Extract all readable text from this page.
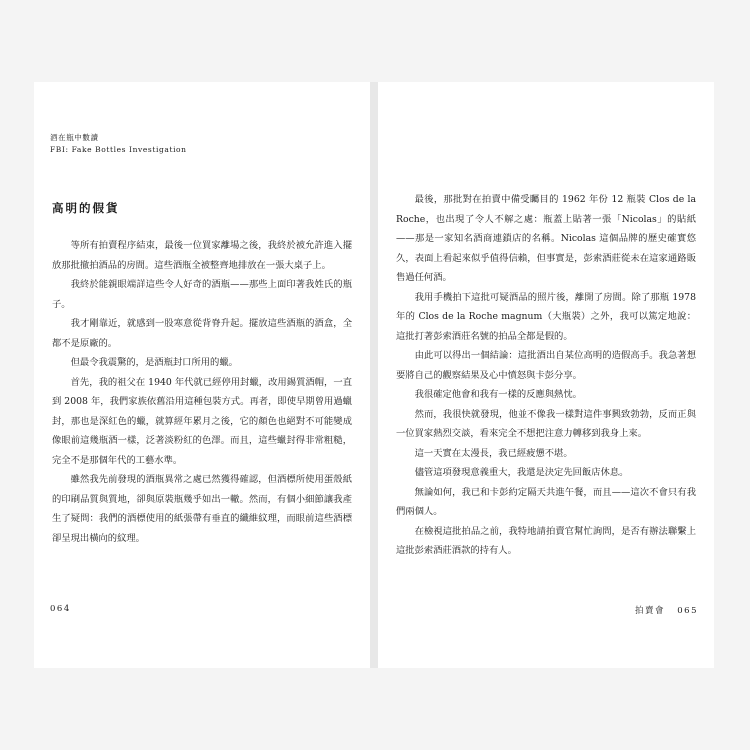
酒在瓶中數讀
FBI: Fake Bottles Investigation
高明的假貨

等所有拍賣程序結束，最後一位買家離場之後，我終於被允許進入擺放那批撤拍酒品的房間。這些酒瓶全被整齊地排放在一張大桌子上。

我終於能親眼端詳這些令人好奇的酒瓶——那些上面印著我姓氏的瓶子。

我才剛靠近，就感到一股寒意從背脊升起。擺放這些酒瓶的酒盒，全都不是原廠的。

但最令我震驚的，是酒瓶封口所用的蠟。

首先，我的祖父在 1940 年代就已經停用封蠟，改用錫質酒帽，一直到 2008 年，我們家族依舊沿用這種包裝方式。再者，即使早期曾用過蠟封，那也是深紅色的蠟，就算經年累月之後，它的顏色也絕對不可能變成像眼前這幾瓶酒一樣，泛著淡粉紅的色澤。而且，這些蠟封得非常粗糙，完全不是那個年代的工藝水準。

雖然我先前發現的酒瓶異常之處已然獲得確認，但酒標所使用蛋殼紙的印刷品質與質地，卻與原裝瓶幾乎如出一轍。然而，有個小細節讓我產生了疑問：我們的酒標使用的紙張帶有垂直的纖維紋理，而眼前這些酒標卻呈現出橫向的紋理。

064

最後，那批對在拍賣中備受矚目的 1962 年份 12 瓶裝 Clos de la Roche，也出現了令人不解之處：瓶蓋上貼著一張「Nicolas」的貼紙——那是一家知名酒商連鎖店的名稱。Nicolas 這個品牌的歷史確實悠久，表面上看起來似乎值得信賴，但事實是，彭索酒莊從未在這家通路販售過任何酒。

我用手機拍下這批可疑酒品的照片後，離開了房間。除了那瓶 1978 年的 Clos de la Roche magnum（大瓶裝）之外，我可以篤定地說：這批打著彭索酒莊名號的拍品全都是假的。

由此可以得出一個結論：這批酒出自某位高明的造假高手。我急著想要將自己的觀察結果及心中憤怒與卡彭分享。

我很確定他會和我有一樣的反應與熱忱。

然而，我很快就發現，他並不像我一樣對這件事興致勃勃，反而正與一位買家熱烈交談，看來完全不想把注意力轉移到我身上來。

這一天實在太漫長，我已經疲憊不堪。

儘管這項發現意義重大，我還是決定先回飯店休息。

無論如何，我已和卡彭約定隔天共進午餐，而且——這次不會只有我們兩個人。

在檢視這批拍品之前，我特地請拍賣官幫忙詢問，是否有辦法聯繫上這批彭索酒莊酒款的持有人。

拍賣會 065
